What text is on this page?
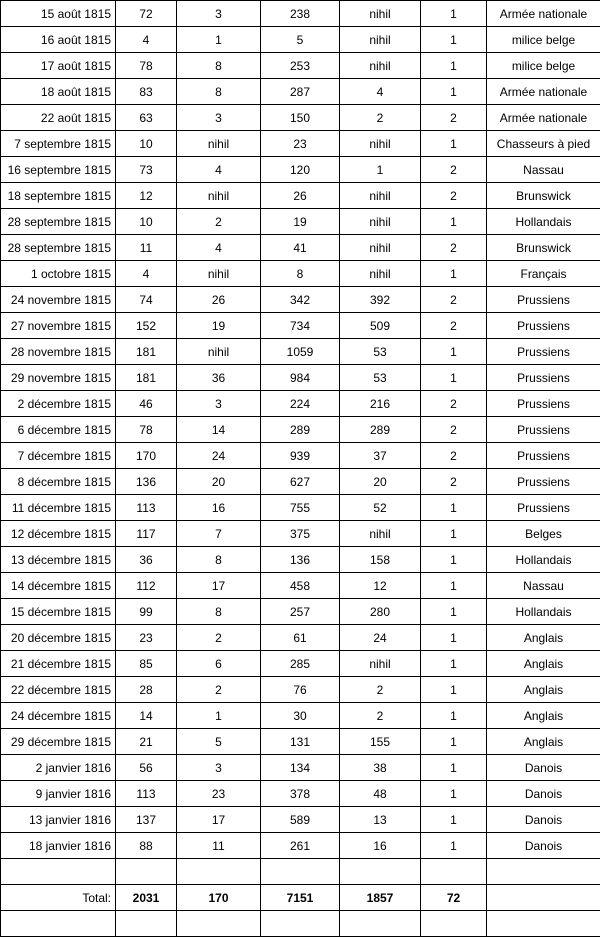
15 août 1815	72	3	238	nihil	1	Armée nationale
16 août 1815	4	1	5	nihil	1	milice belge
17 août 1815	78	8	253	nihil	1	milice belge
18 août 1815	83	8	287	4	1	Armée nationale
22 août 1815	63	3	150	2	2	Armée nationale
7 septembre 1815	10	nihil	23	nihil	1	Chasseurs à pied
16 septembre 1815	73	4	120	1	2	Nassau
18 septembre 1815	12	nihil	26	nihil	2	Brunswick
28 septembre 1815	10	2	19	nihil	1	Hollandais
28 septembre 1815	11	4	41	nihil	2	Brunswick
1 octobre 1815	4	nihil	8	nihil	1	Français
24 novembre 1815	74	26	342	392	2	Prussiens
27 novembre 1815	152	19	734	509	2	Prussiens
28 novembre 1815	181	nihil	1059	53	1	Prussiens
29 novembre 1815	181	36	984	53	1	Prussiens
2 décembre 1815	46	3	224	216	2	Prussiens
6 décembre 1815	78	14	289	289	2	Prussiens
7 décembre 1815	170	24	939	37	2	Prussiens
8 décembre 1815	136	20	627	20	2	Prussiens
11 décembre 1815	113	16	755	52	1	Prussiens
12 décembre 1815	117	7	375	nihil	1	Belges
13 décembre 1815	36	8	136	158	1	Hollandais
14 décembre 1815	112	17	458	12	1	Nassau
15 décembre 1815	99	8	257	280	1	Hollandais
20 décembre 1815	23	2	61	24	1	Anglais
21 décembre 1815	85	6	285	nihil	1	Anglais
22 décembre 1815	28	2	76	2	1	Anglais
24 décembre 1815	14	1	30	2	1	Anglais
29 décembre 1815	21	5	131	155	1	Anglais
2 janvier 1816	56	3	134	38	1	Danois
9 janvier 1816	113	23	378	48	1	Danois
13 janvier 1816	137	17	589	13	1	Danois
18 janvier 1816	88	11	261	16	1	Danois

Total:	2031	170	7151	1857	72	
